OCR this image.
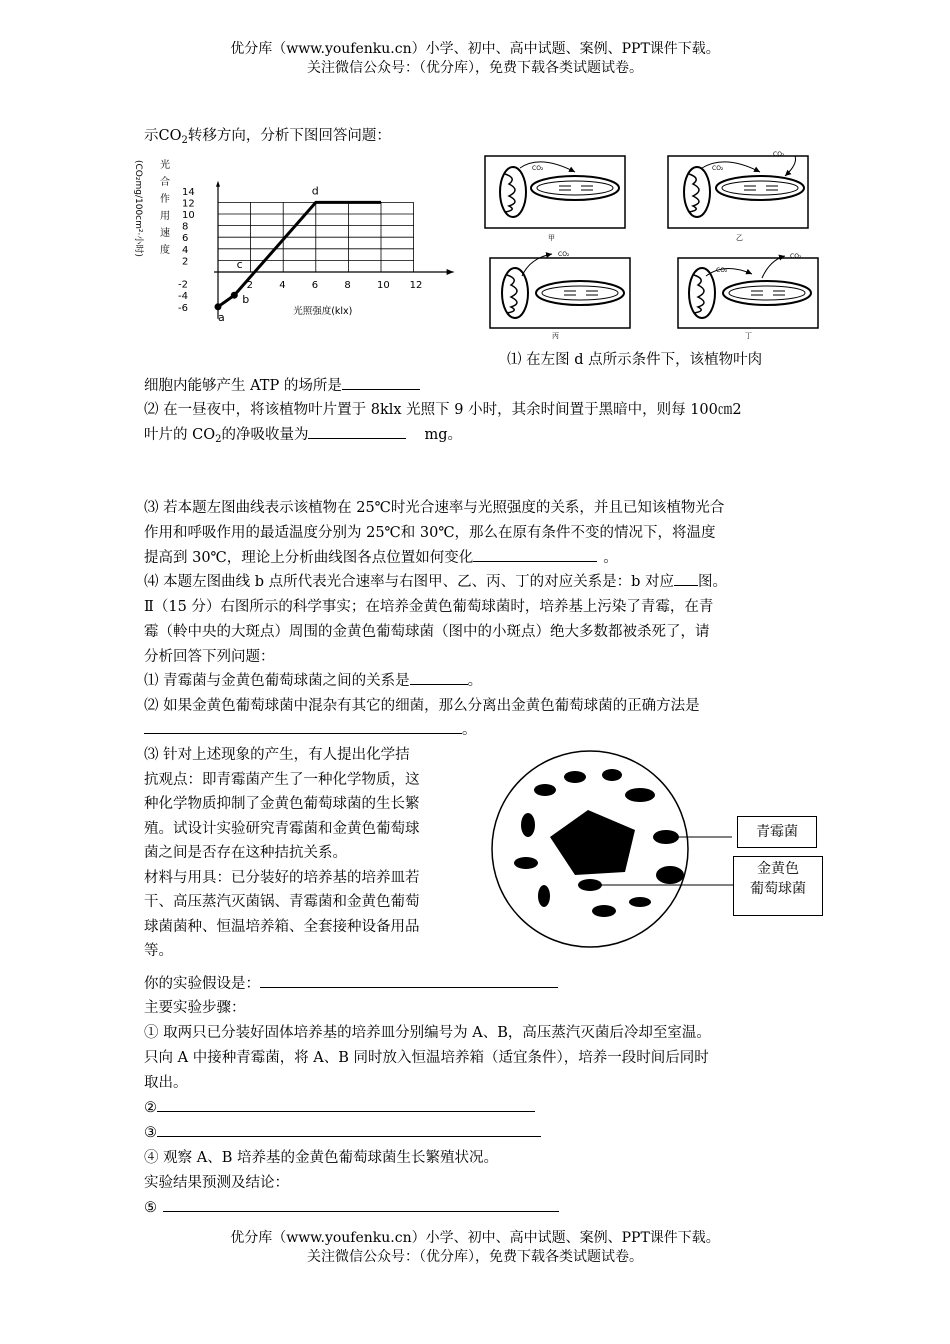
优分库（www.youfenku.cn）小学、初中、高中试题、案例、PPT课件下载。
关注微信公众号：（优分库），免费下载各类试题试卷。
示$CO_2$转移方向，分析下图回答问题：
14
12
10
8
6
4
2
-2
-4
-6
2	4	6	8	10 12
光照强度(klx)
光
合
作
用
速
度
(CO₂mg/100cm²·小时)
a
b
c
d
CO₂
甲
CO₂
CO₂
乙
CO₂
丙
CO₂
CO₂
丁
⑴ 在左图 d 点所示条件下，该植物叶肉
细胞内能够产生 ATP 的场所是
⑵ 在一昼夜中，将该植物叶片置于 8klx 光照下 9 小时，其余时间置于黑暗中，则每 100㎝2
叶片的 $CO_2$的净吸收量为	mg。
⑶ 若本题左图曲线表示该植物在 25℃时光合速率与光照强度的关系，并且已知该植物光合
作用和呼吸作用的最适温度分别为 25℃和 30℃，那么在原有条件不变的情况下，将温度
提高到 30℃，理论上分析曲线图各点位置如何变化	。
⑷ 本题左图曲线 b 点所代表光合速率与右图甲、乙、丙、丁的对应关系是：b 对应 图。
Ⅱ（15 分）右图所示的科学事实；在培养金黄色葡萄球菌时，培养基上污染了青霉，在青
霉（軨中央的大斑点）周围的金黄色葡萄球菌（图中的小斑点）绝大多数都被杀死了，请
分析回答下列问题：
⑴ 青霉菌与金黄色葡萄球菌之间的关系是	。
⑵ 如果金黄色葡萄球菌中混杂有其它的细菌，那么分离出金黄色葡萄球菌的正确方法是
。
⑶ 针对上述现象的产生，有人提出化学拮
抗观点：即青霉菌产生了一种化学物质，这
种化学物质抑制了金黄色葡萄球菌的生长繁
殖。试设计实验研究青霉菌和金黄色葡萄球
菌之间是否存在这种拮抗关系。
材料与用具：已分装好的培养基的培养皿若
干、高压蒸汽灭菌锅、青霉菌和金黄色葡萄
球菌菌种、恒温培养箱、全套接种设备用品
等。
青霉菌
金黄色
葡萄球菌
你的实验假设是：
主要实验步骤：
① 取两只已分装好固体培养基的培养皿分别编号为 A、B，高压蒸汽灭菌后冷却至室温。
只向 A 中接种青霉菌，将 A、B 同时放入恒温培养箱（适宜条件），培养一段时间后同时
取出。
②
③
④ 观察 A、B 培养基的金黄色葡萄球菌生长繁殖状况。
实验结果预测及结论：
⑤
优分库（www.youfenku.cn）小学、初中、高中试题、案例、PPT课件下载。
关注微信公众号：（优分库），免费下载各类试题试卷。
